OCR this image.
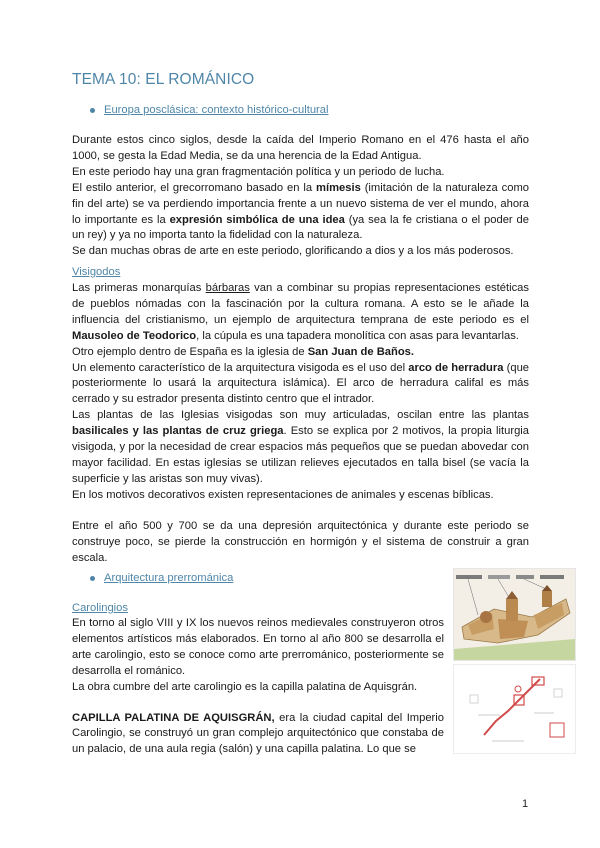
TEMA 10: EL ROMÁNICO
Europa posclásica: contexto histórico-cultural

Durante estos cinco siglos, desde la caída del Imperio Romano en el 476 hasta el año 1000, se gesta la Edad Media, se da una herencia de la Edad Antigua.

En este periodo hay una gran fragmentación política y un periodo de lucha.

El estilo anterior, el grecorromano basado en la mímesis (imitación de la naturaleza como fin del arte) se va perdiendo importancia frente a un nuevo sistema de ver el mundo, ahora lo importante es la expresión simbólica de una idea (ya sea la fe cristiana o el poder de un rey) y ya no importa tanto la fidelidad con la naturaleza.

Se dan muchas obras de arte en este periodo, glorificando a dios y a los más poderosos.

Visigodos

Las primeras monarquías bárbaras van a combinar su propias representaciones estéticas de pueblos nómadas con la fascinación por la cultura romana. A esto se le añade la influencia del cristianismo, un ejemplo de arquitectura temprana de este periodo es el Mausoleo de Teodorico, la cúpula es una tapadera monolítica con asas para levantarlas.

Otro ejemplo dentro de España es la iglesia de San Juan de Baños.

Un elemento característico de la arquitectura visigoda es el uso del arco de herradura (que posteriormente lo usará la arquitectura islámica). El arco de herradura califal es más cerrado y su estrador presenta distinto centro que el intrador.

Las plantas de las Iglesias visigodas son muy articuladas, oscilan entre las plantas basilicales y las plantas de cruz griega. Esto se explica por 2 motivos, la propia liturgia visigoda, y por la necesidad de crear espacios más pequeños que se puedan abovedar con mayor facilidad. En estas iglesias se utilizan relieves ejecutados en talla bisel (se vacía la superficie y las aristas son muy vivas).

En los motivos decorativos existen representaciones de animales y escenas bíblicas.

Entre el año 500 y 700 se da una depresión arquitectónica y durante este periodo se construye poco, se pierde la construcción en hormigón y el sistema de construir a gran escala.

Arquitectura prerrománica
Carolingios

En torno al siglo VIII y IX los nuevos reinos medievales construyeron otros elementos artísticos más elaborados. En torno al año 800 se desarrolla el arte carolingio, esto se conoce como arte prerrománico, posteriormente se desarrolla el románico.

La obra cumbre del arte carolingio es la capilla palatina de Aquisgrán.

CAPILLA PALATINA DE AQUISGRÁN, era la ciudad capital del Imperio Carolingio, se construyó un gran complejo arquitectónico que constaba de un palacio, de una aula regia (salón) y una capilla palatina. Lo que se

1
